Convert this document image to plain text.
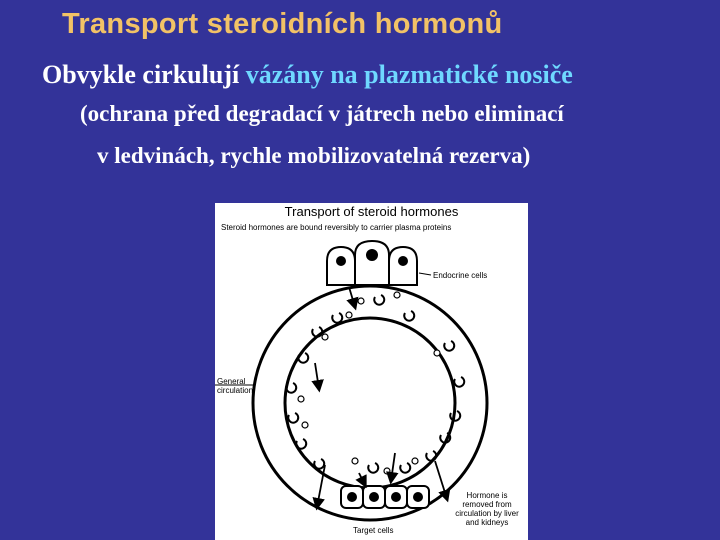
Transport steroidních hormonů
Obvykle cirkulují vázány na plazmatické nosiče
(ochrana před degradací v játrech nebo eliminací
v ledvinách, rychle mobilizovatelná rezerva)
Transport of steroid hormones
Steroid hormones are bound reversibly to carrier plasma proteins
Endocrine cells
General
circulation
Hormone is
removed from
circulation by liver
and kidneys
Target cells
